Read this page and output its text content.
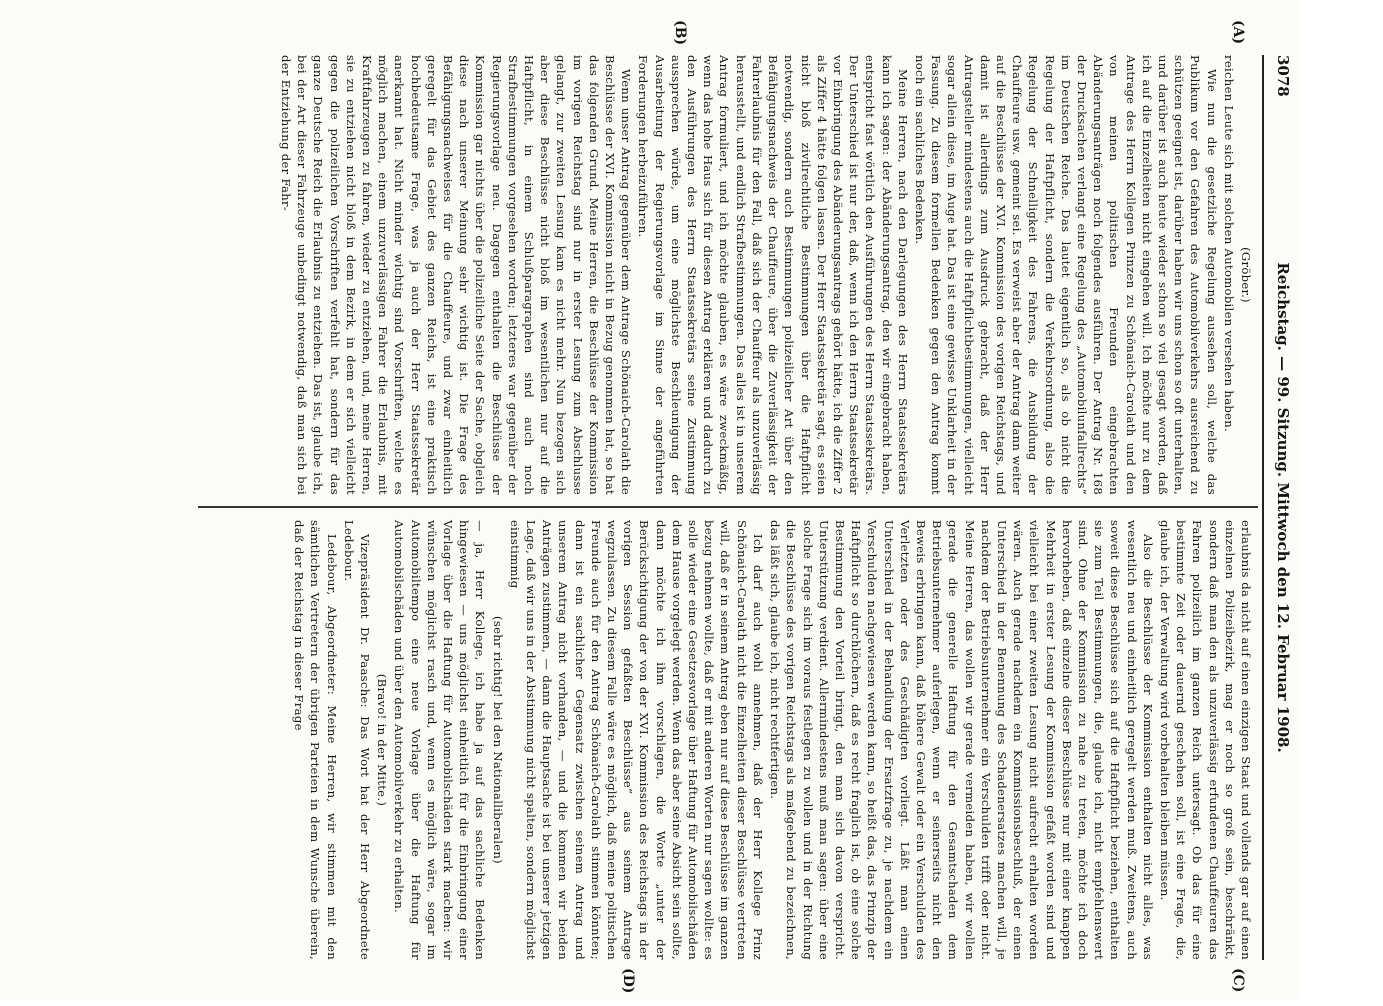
3078
Reichstag. — 99. Sitzung. Mittwoch den 12. Februar 1908.
(A)
(B)
(C)
(D)

(Gröber.)

reichen Leute sich mit solchen Automobilen versehen haben.

Wie nun die gesetzliche Regelung aussehen soll, welche das Publikum vor den Gefahren des Automobilverkehrs ausreichend zu schützen geeignet ist, darüber haben wir uns schon so oft unterhalten, und darüber ist auch heute wieder schon so viel gesagt worden, daß ich auf die Einzelheiten nicht eingehen will. Ich möchte nur zu dem Antrage des Herrn Kollegen Prinzen zu Schönaich-Carolath und den von meinen politischen Freunden eingebrachten Abänderungsanträgen noch folgendes ausführen. Der Antrag Nr. 168 der Drucksachen verlangt eine Regelung des „Automobilunfallrechts“ im Deutschen Reiche. Das lautet eigentlich so, als ob nicht die Regelung der Haftpflicht, sondern die Verkehrsordnung, also die Regelung der Schnelligkeit des Fahrens, die Ausbildung der Chauffeure usw. gemeint sei. Es verweist aber der Antrag dann weiter auf die Beschlüsse der XVI. Kommission des vorigen Reichstags, und damit ist allerdings zum Ausdruck gebracht, daß der Herr Antragsteller mindestens auch die Haftpflichtbestimmungen, vielleicht sogar allein diese, im Auge hat. Das ist eine gewisse Unklarheit in der Fassung. Zu diesem formellen Bedenken gegen den Antrag kommt noch ein sachliches Bedenken.

Meine Herren, nach den Darlegungen des Herrn Staatssekretärs kann ich sagen: der Abänderungsantrag, den wir eingebracht haben, entspricht fast wörtlich den Ausführungen des Herrn Staatssekretärs. Der Unterschied ist nur der, daß, wenn ich den Herrn Staatssekretär vor Einbringung des Abänderungsantrags gehört hätte, ich die Ziffer 2 als Ziffer 4 hätte folgen lassen. Der Herr Staatssekretär sagt, es seien nicht bloß zivilrechtliche Bestimmungen über die Haftpflicht notwendig, sondern auch Bestimmungen polizeilicher Art über den Befähigungsnachweis der Chauffeure, über die Zuverlässigkeit der Fahrerlaubnis für den Fall, daß sich der Chauffeur als unzuverlässig herausstellt, und endlich Strafbestimmungen. Das alles ist in unserem Antrag formuliert, und ich möchte glauben, es wäre zweckmäßig, wenn das hohe Haus sich für diesen Antrag erklären und dadurch zu den Ausführungen des Herrn Staatssekretärs seine Zustimmung aussprechen würde, um eine möglichste Beschleunigung der Ausarbeitung der Regierungsvorlage im Sinne der angeführten Forderungen herbeizuführen.

Wenn unser Antrag gegenüber dem Antrage Schönaich-Carolath die Beschlüsse der XVI. Kommission nicht in Bezug genommen hat, so hat das folgenden Grund. Meine Herren, die Beschlüsse der Kommission im vorigen Reichstag sind nur in erster Lesung zum Abschlusse gelangt, zur zweiten Lesung kam es nicht mehr. Nun bezogen sich aber diese Beschlüsse nicht bloß im wesentlichen nur auf die Haftpflicht, in einem Schlußparagraphen sind auch noch Strafbestimmungen vorgesehen worden; letzteres war gegenüber der Regierungsvorlage neu. Dagegen enthalten die Beschlüsse der Kommission gar nichts über die polizeiliche Seite der Sache, obgleich diese nach unserer Meinung sehr wichtig ist. Die Frage des Befähigungsnachweises für die Chauffeure, und zwar einheitlich geregelt für das Gebiet des ganzen Reichs, ist eine praktisch hochbedeutsame Frage, was ja auch der Herr Staatssekretär anerkannt hat. Nicht minder wichtig sind Vorschriften, welche es möglich machen, einem unzuverlässigen Fahrer die Erlaubnis, mit Kraftfahrzeugen zu fahren, wieder zu entziehen, und, meine Herren, sie zu entziehen nicht bloß in dem Bezirk, in dem er sich vielleicht gegen die polizeilichen Vorschriften verfehlt hat, sondern für das ganze Deutsche Reich die Erlaubnis zu entziehen. Das ist, glaube ich, bei der Art dieser Fahrzeuge unbedingt notwendig, daß man sich bei der Entziehung der Fahr-

erlaubnis da nicht auf einen einzigen Staat und vollends gar auf einen einzelnen Polizeibezirk, mag er noch so groß sein, beschränkt, sondern daß man den als unzuverlässig erfundenen Chauffeuren das Fahren polizeilich im ganzen Reich untersagt. Ob das für eine bestimmte Zeit oder dauernd geschehen soll, ist eine Frage, die, glaube ich, der Verwaltung wird vorbehalten bleiben müssen.

Also die Beschlüsse der Kommission enthalten nicht alles, was wesentlich neu und einheitlich geregelt werden muß. Zweitens, auch soweit diese Beschlüsse sich auf die Haftpflicht beziehen, enthalten sie zum Teil Bestimmungen, die, glaube ich, nicht empfehlenswert sind. Ohne der Kommission zu nahe zu treten, möchte ich doch hervorheben, daß einzelne dieser Beschlüsse nur mit einer knappen Mehrheit in erster Lesung der Kommission gefaßt worden sind und vielleicht bei einer zweiten Lesung nicht aufrecht erhalten worden wären. Auch gerade nachdem ein Kommissionsbeschluß, der einen Unterschied in der Benennung des Schadenersatzes machen will, je nachdem der Betriebsunternehmer ein Verschulden trifft oder nicht. Meine Herren, das wollen wir gerade vermeiden haben, wir wollen gerade die generelle Haftung für den Gesamtschaden dem Betriebsunternehmer auferlegen, wenn er seinerseits nicht den Beweis erbringen kann, daß höhere Gewalt oder ein Verschulden des Verletzten oder des Geschädigten vorliegt. Läßt man einen Unterschied in der Behandlung der Ersatzfrage zu, je nachdem ein Verschulden nachgewiesen werden kann, so heißt das, das Prinzip der Haftpflicht so durchlöchern, daß es recht fraglich ist, ob eine solche Bestimmung den Vorteil bringt, den man sich davon verspricht. Unterstützung verdient. Allermindestens muß man sagen: über eine solche Frage sich im voraus festlegen zu wollen und in der Richtung die Beschlüsse des vorigen Reichstags als maßgebend zu bezeichnen, das läßt sich, glaube ich, nicht rechtfertigen.

Ich darf auch wohl annehmen, daß der Herr Kollege Prinz Schönaich-Carolath nicht die Einzelheiten dieser Beschlüsse vertreten will, daß er in seinem Antrag eben nur auf diese Beschlüsse im ganzen bezug nehmen wollte, daß er mit anderen Worten nur sagen wollte: es solle wieder eine Gesetzesvorlage über Haftung für Automobilschäden dem Hause vorgelegt werden. Wenn das aber seine Absicht sein sollte, dann möchte ich ihm vorschlagen, die Worte „unter der Berücksichtigung der von der XVI. Kommission des Reichstags in der vorigen Session gefaßten Beschlüsse“ aus seinem Antrage wegzulassen. Zu diesem Falle wäre es möglich, daß meine politischen Freunde auch für den Antrag Schönaich-Carolath stimmen könnten; dann ist ein sachlicher Gegensatz zwischen seinem Antrag und unserem Antrag nicht vorhanden, — und die kommen wir beiden Anträgen zustimmen, — dann die Hauptsache ist bei unserer jetzigen Lage, daß wir uns in der Abstimmung nicht spalten, sondern möglichst einstimmig

(sehr richtig! bei den Nationalliberalen)

— ja, Herr Kollege, ich habe ja auf das sachliche Bedenken hingewiesen — uns möglichst einheitlich für die Einbringung einer Vorlage über die Haftung für Automobilschäden stark machen: wir wünschen möglichst rasch und, wenn es möglich wäre, sogar im Automobiltempo eine neue Vorlage über die Haftung für Automobilschäden und über den Automobilverkehr zu erhalten.

(Bravo! in der Mitte.)

Vizepräsident Dr. Paasche: Das Wort hat der Herr Abgeordnete Ledebour.

Ledebour, Abgeordneter: Meine Herren, wir stimmen mit den sämtlichen Vertretern der übrigen Parteien in dem Wunsche überein, daß der Reichstag in dieser Frage
